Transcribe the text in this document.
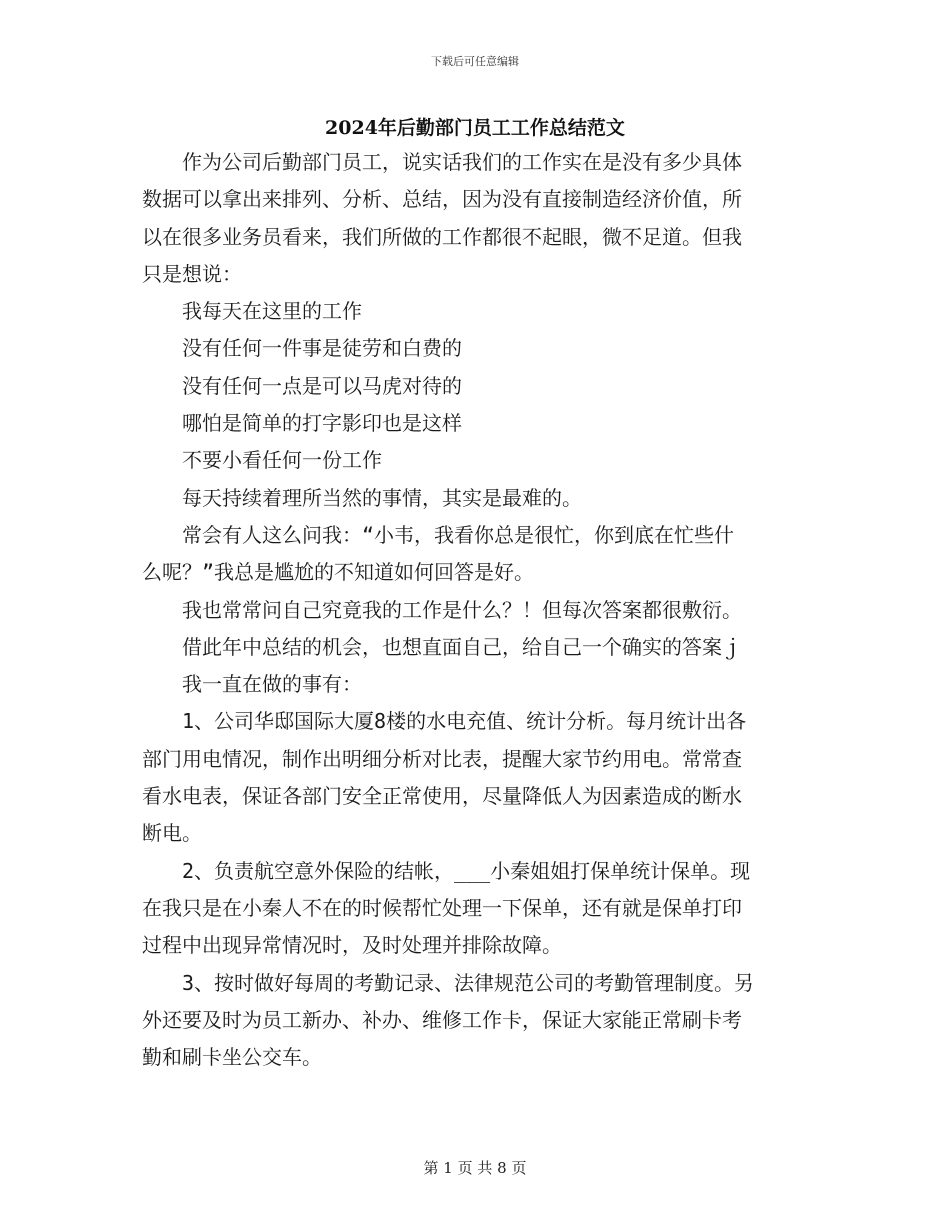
下载后可任意编辑
2024年后勤部门员工工作总结范文
作为公司后勤部门员工，说实话我们的工作实在是没有多少具体
数据可以拿出来排列、分析、总结，因为没有直接制造经济价值，所
以在很多业务员看来，我们所做的工作都很不起眼，微不足道。但我
只是想说：
我每天在这里的工作
没有任何一件事是徒劳和白费的
没有任何一点是可以马虎对待的
哪怕是简单的打字影印也是这样
不要小看任何一份工作
每天持续着理所当然的事情，其实是最难的。
常会有人这么问我：“小韦，我看你总是很忙，你到底在忙些什
么呢？”我总是尴尬的不知道如何回答是好。
我也常常问自己究竟我的工作是什么？！但每次答案都很敷衍。
借此年中总结的机会，也想直面自己，给自己一个确实的答案ｊ
我一直在做的事有：
1、公司华邸国际大厦8楼的水电充值、统计分析。每月统计出各
部门用电情况，制作出明细分析对比表，提醒大家节约用电。常常查
看水电表，保证各部门安全正常使用，尽量降低人为因素造成的断水
断电。
2、负责航空意外保险的结帐，___小秦姐姐打保单统计保单。现
在我只是在小秦人不在的时候帮忙处理一下保单，还有就是保单打印
过程中出现异常情况时，及时处理并排除故障。
3、按时做好每周的考勤记录、法律规范公司的考勤管理制度。另
外还要及时为员工新办、补办、维修工作卡，保证大家能正常刷卡考
勤和刷卡坐公交车。
第 1 页 共 8 页
